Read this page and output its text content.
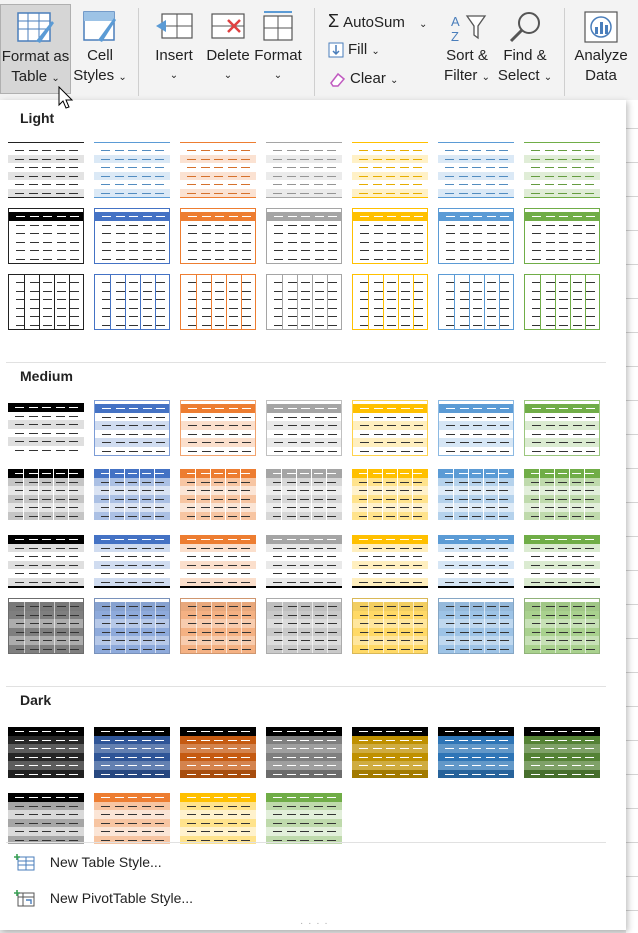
Format as
Table ⌄
Cell
Styles ⌄
Insert
⌄
Delete
⌄
Format
⌄
Σ AutoSum ⌄
Fill ⌄
Clear ⌄
A
Z
Sort &
Filter ⌄
Find &
Select ⌄
Analyze
Data
Light
Medium
Dark
New Table Style...
New PivotTable Style...
· · · ·
